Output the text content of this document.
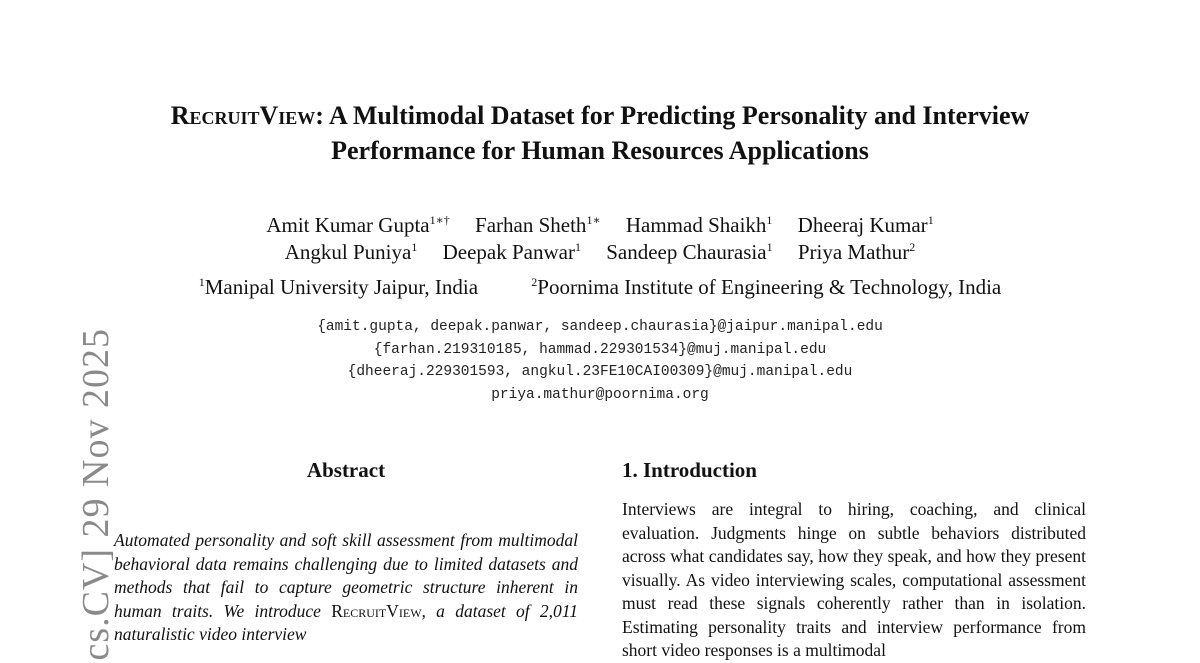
cs.CV] 29 Nov 2025
RecruitView: A Multimodal Dataset for Predicting Personality and Interview
Performance for Human Resources Applications
Amit Kumar Gupta$^{1∗\dagger}$ Farhan Sheth$^{1∗}$ Hammad Shaikh$^1$ Dheeraj Kumar$^1$
Angkul Puniya$^1$ Deepak Panwar$^1$ Sandeep Chaurasia$^1$ Priya Mathur$^2$
$^1$Manipal University Jaipur, India	$^2$Poornima Institute of Engineering & Technology, India
{amit.gupta, deepak.panwar, sandeep.chaurasia}@jaipur.manipal.edu
{farhan.219310185, hammad.229301534}@muj.manipal.edu
{dheeraj.229301593, angkul.23FE10CAI00309}@muj.manipal.edu
priya.mathur@poornima.org
Abstract
Automated personality and soft skill assessment from multimodal behavioral data remains challenging due to limited datasets and methods that fail to capture geometric structure inherent in human traits. We introduce RecruitView, a dataset of 2,011 naturalistic video interview
1. Introduction
Interviews are integral to hiring, coaching, and clinical evaluation. Judgments hinge on subtle behaviors distributed across what candidates say, how they speak, and how they present visually. As video interviewing scales, computational assessment must read these signals coherently rather than in isolation. Estimating personality traits and interview performance from short video responses is a multimodal
